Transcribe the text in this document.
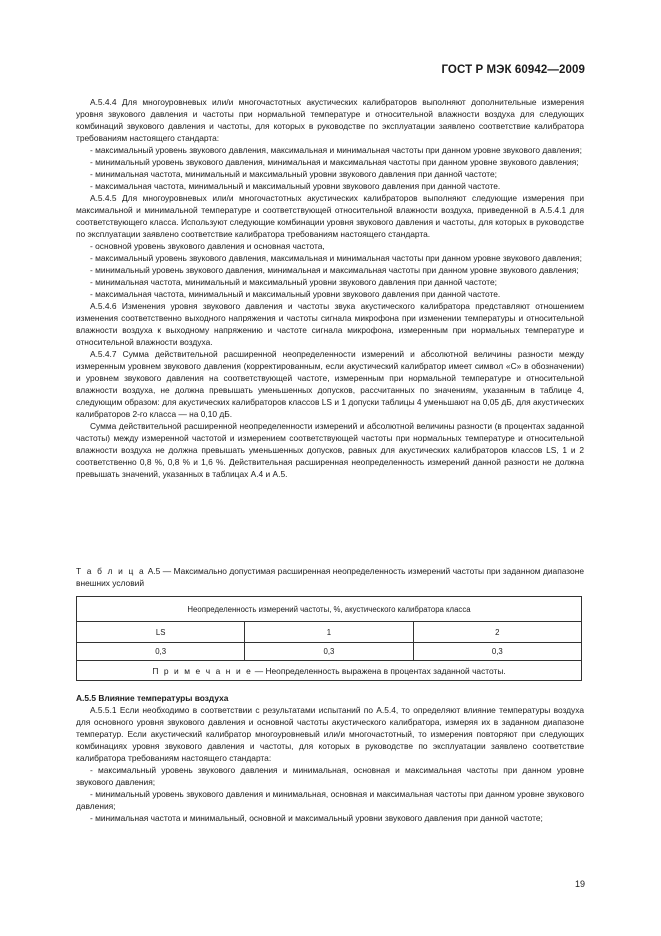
ГОСТ Р МЭК 60942—2009

А.5.4.4 Для многоуровневых или/и многочастотных акустических калибраторов выполняют дополнительные измерения уровня звукового давления и частоты при нормальной температуре и относительной влажности воздуха для следующих комбинаций звукового давления и частоты, для которых в руководстве по эксплуатации заявлено соответствие калибратора требованиям настоящего стандарта:

- максимальный уровень звукового давления, максимальная и минимальная частоты при данном уровне звукового давления;

- минимальный уровень звукового давления, минимальная и максимальная частоты при данном уровне звукового давления;

- минимальная частота, минимальный и максимальный уровни звукового давления при данной частоте;

- максимальная частота, минимальный и максимальный уровни звукового давления при данной частоте.

А.5.4.5 Для многоуровневых или/и многочастотных акустических калибраторов выполняют следующие измерения при максимальной и минимальной температуре и соответствующей относительной влажности воздуха, приведенной в А.5.4.1 для соответствующего класса. Используют следующие комбинации уровня звукового давления и частоты, для которых в руководстве по эксплуатации заявлено соответствие калибратора требованиям настоящего стандарта.

- основной уровень звукового давления и основная частота,

- максимальный уровень звукового давления, максимальная и минимальная частоты при данном уровне звукового давления;

- минимальный уровень звукового давления, минимальная и максимальная частоты при данном уровне звукового давления;

- минимальная частота, минимальный и максимальный уровни звукового давления при данной частоте;

- максимальная частота, минимальный и максимальный уровни звукового давления при данной частоте.

А.5.4.6 Изменения уровня звукового давления и частоты звука акустического калибратора представляют отношением изменения соответственно выходного напряжения и частоты сигнала микрофона при изменении температуры и относительной влажности воздуха к выходному напряжению и частоте сигнала микрофона, измеренным при нормальных температуре и относительной влажности воздуха.

А.5.4.7 Сумма действительной расширенной неопределенности измерений и абсолютной величины разности между измеренным уровнем звукового давления (корректированным, если акустический калибратор имеет символ «С» в обозначении) и уровнем звукового давления на соответствующей частоте, измеренным при нормальной температуре и относительной влажности воздуха, не должна превышать уменьшенных допусков, рассчитанных по значениям, указанным в таблице 4, следующим образом: для акустических калибраторов классов LS и 1 допуски таблицы 4 уменьшают на 0,05 дБ, для акустических калибраторов 2-го класса — на 0,10 дБ.

Сумма действительной расширенной неопределенности измерений и абсолютной величины разности (в процентах заданной частоты) между измеренной частотой и измерением соответствующей частоты при нормальных температуре и относительной влажности воздуха не должна превышать уменьшенных допусков, равных для акустических калибраторов классов LS, 1 и 2 соответственно 0,8 %, 0,8 % и 1,6 %. Действительная расширенная неопределенность измерений данной разности не должна превышать значений, указанных в таблицах А.4 и А.5.

Т а б л и ц а А.5 — Максимально допустимая расширенная неопределенность измерений частоты при заданном диапазоне внешних условий
Неопределенность измерений частоты, %, акустического калибратора класса		
LS	1	2
0,3	0,3	0,3
П р и м е ч а н и е — Неопределенность выражена в процентах заданной частоты.		

А.5.5 Влияние температуры воздуха

А.5.5.1 Если необходимо в соответствии с результатами испытаний по А.5.4, то определяют влияние температуры воздуха для основного уровня звукового давления и основной частоты акустического калибратора, измеряя их в заданном диапазоне температур. Если акустический калибратор многоуровневый или/и многочастотный, то измерения повторяют при следующих комбинациях уровня звукового давления и частоты, для которых в руководстве по эксплуатации заявлено соответствие калибратора требованиям настоящего стандарта:

- максимальный уровень звукового давления и минимальная, основная и максимальная частоты при данном уровне звукового давления;

- минимальный уровень звукового давления и минимальная, основная и максимальная частоты при данном уровне звукового давления;

- минимальная частота и минимальный, основной и максимальный уровни звукового давления при данной частоте;

19
